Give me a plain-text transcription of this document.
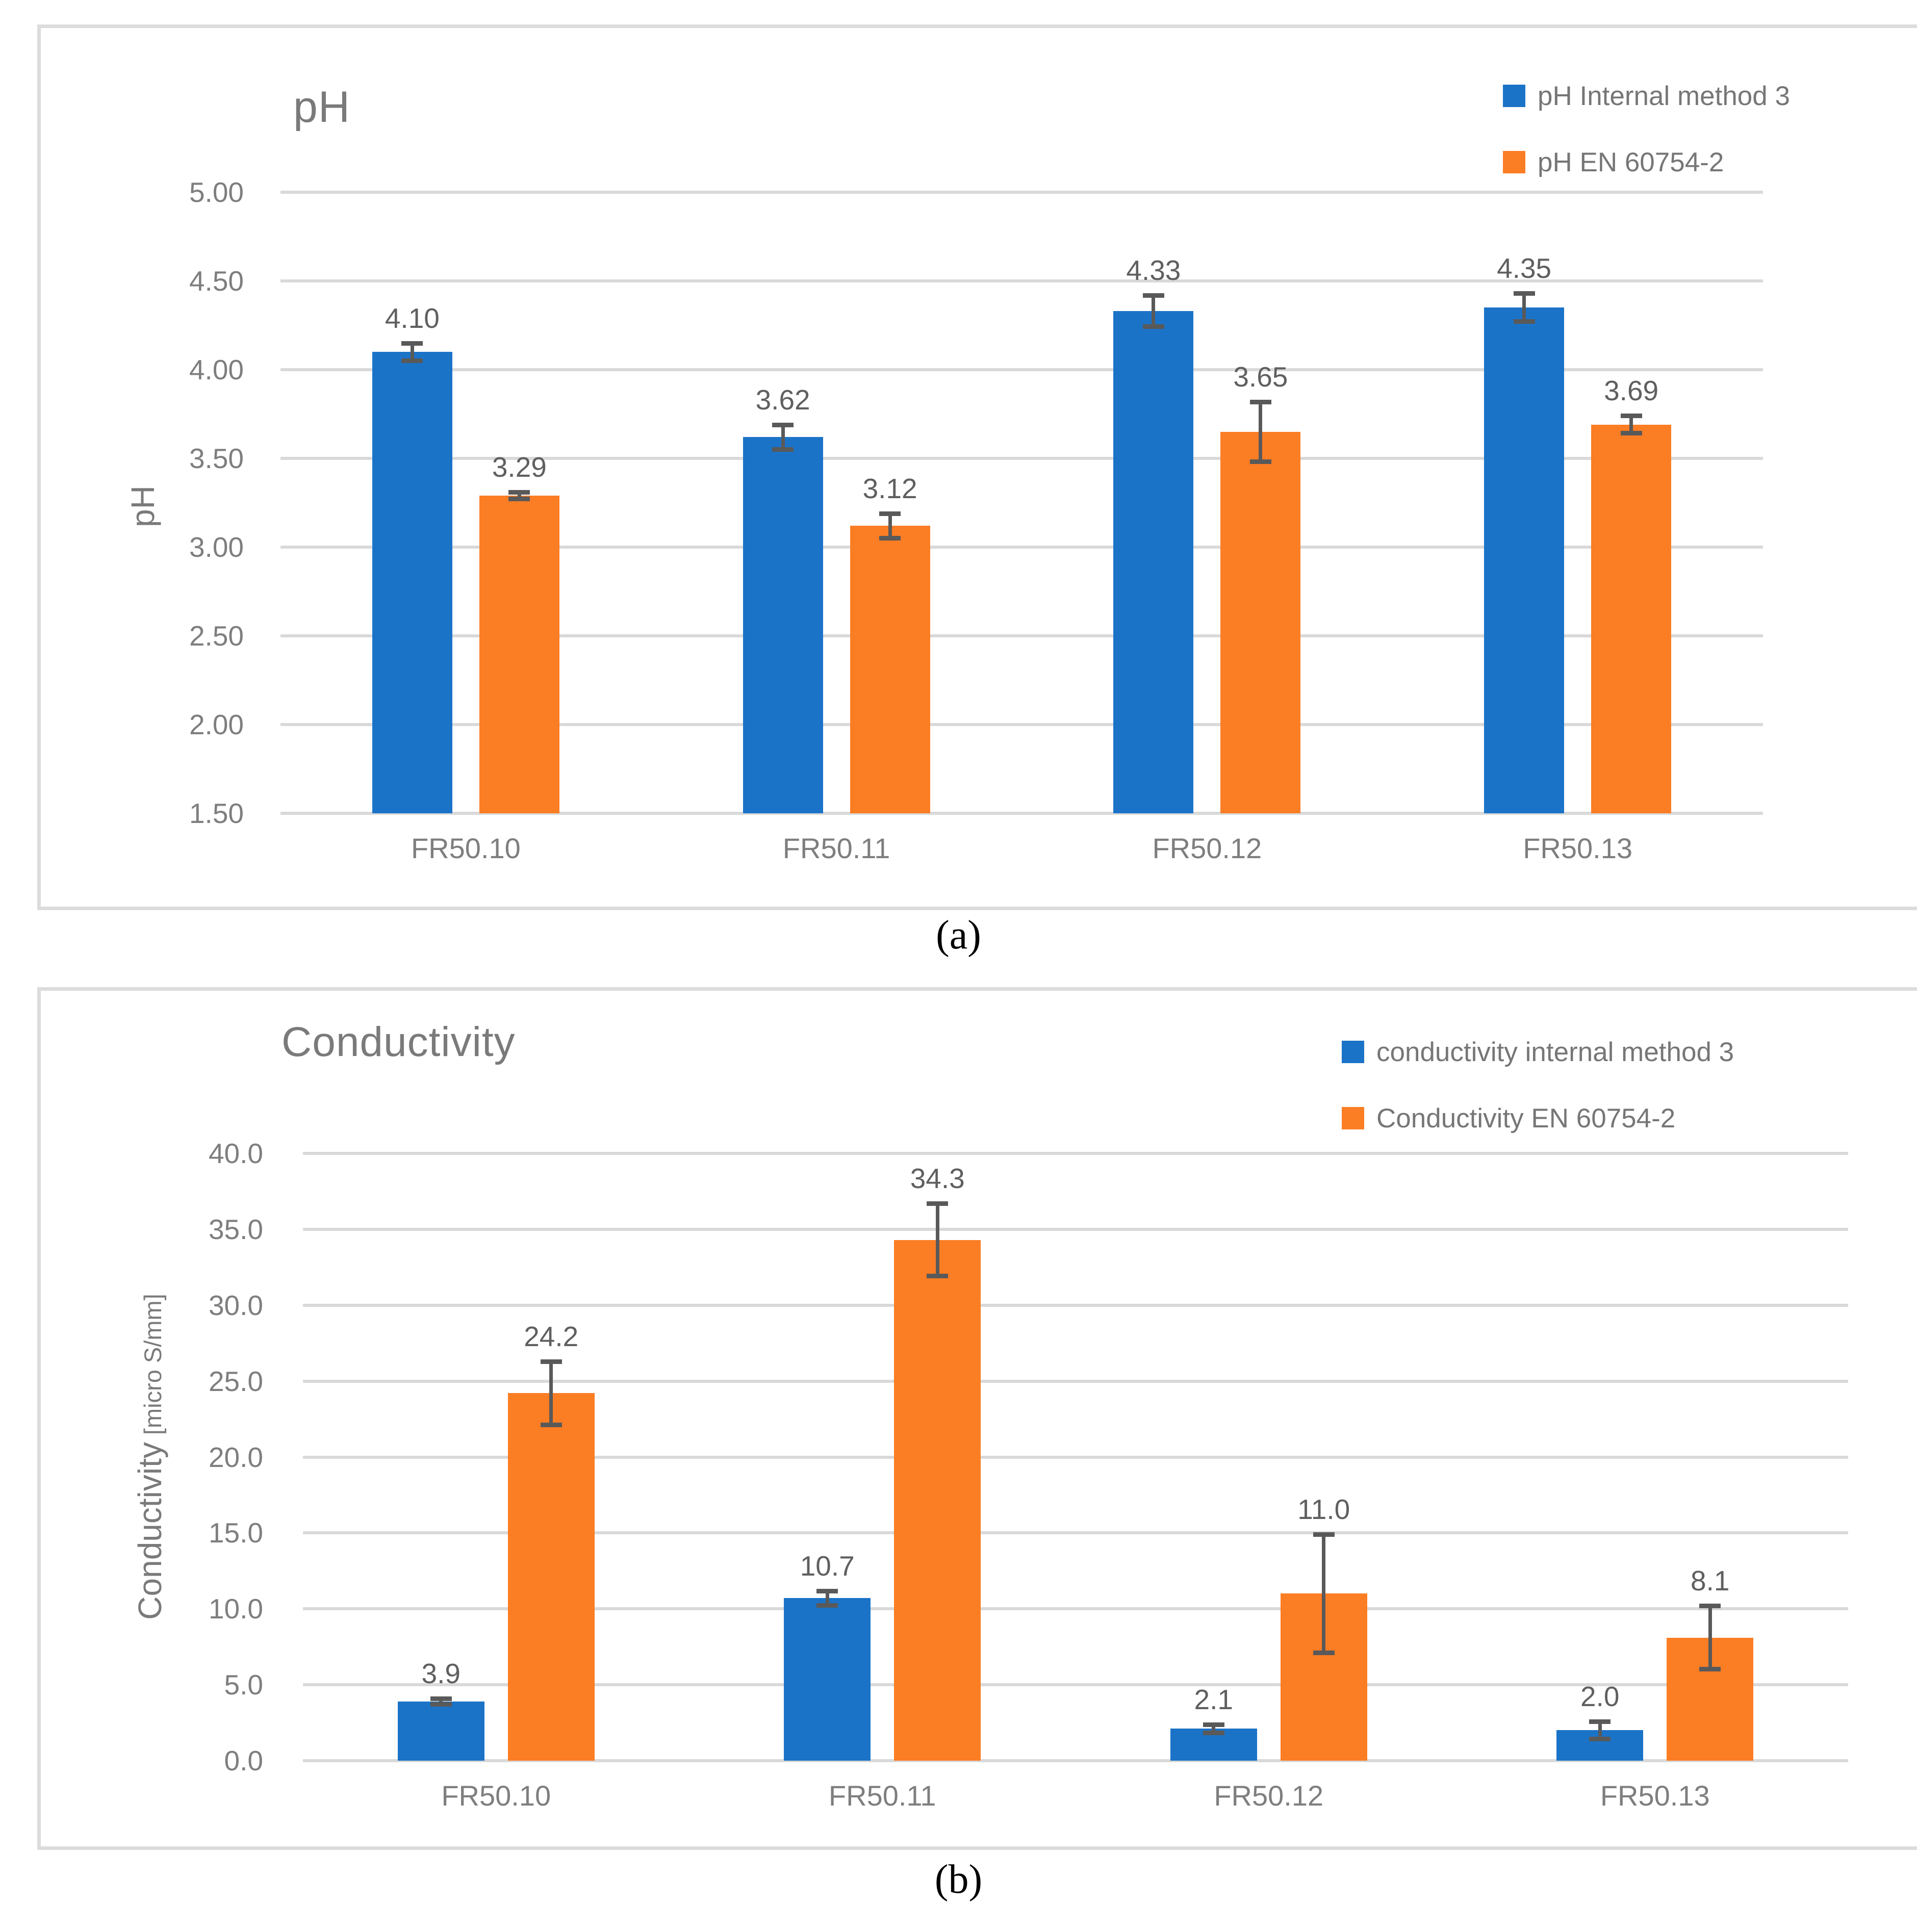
pH
pH
pH Internal method 3
pH EN 60754-2
5.00
4.50
4.00
3.50
3.00
2.50
2.00
1.50
FR50.10	FR50.11	FR50.12	FR50.13
4.10
3.29
3.62
3.12
4.33
3.65
4.35
3.69
(a)
Conductivity
Conductivity[micro S/mm]
conductivity internal method 3
Conductivity EN 60754-2
40.0
35.0
30.0
25.0
20.0
15.0
10.0
5.0
0.0
FR50.10	FR50.11	FR50.12	FR50.13
3.9
24.2
10.7
34.3
2.1
11.0
2.0
8.1
(b)
